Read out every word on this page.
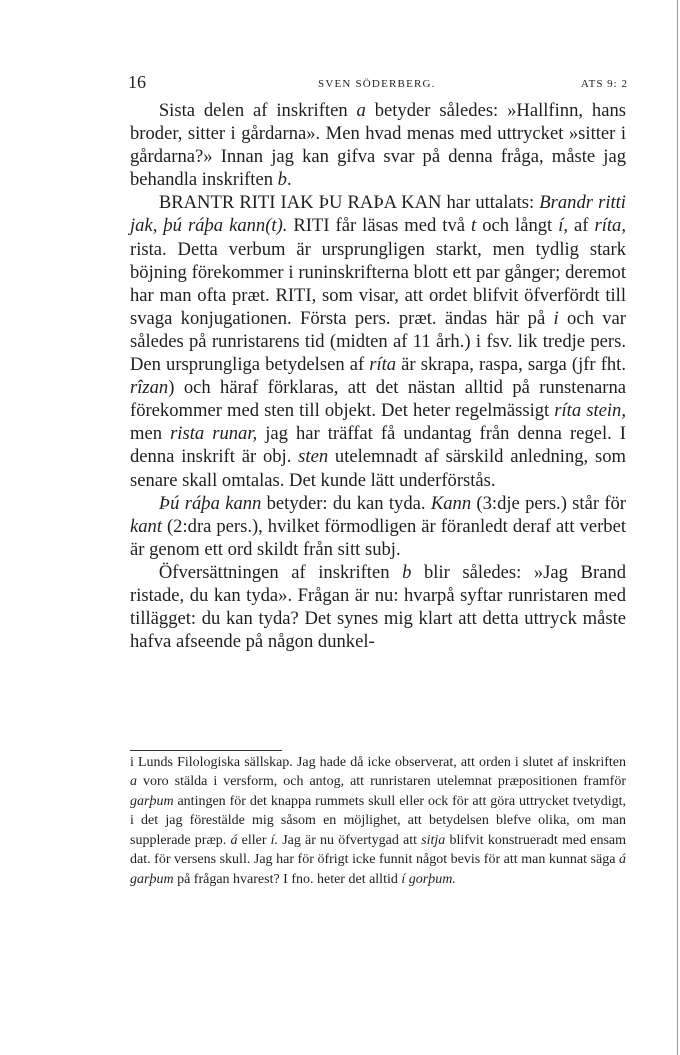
16	SVEN SÖDERBERG.	ATS 9: 2

Sista delen af inskriften a betyder således: »Hallfinn, hans broder, sitter i gårdarna». Men hvad menas med uttrycket »sitter i gårdarna?» Innan jag kan gifva svar på denna fråga, måste jag behandla inskriften b.

BRANTR RITI IAK ÞU RAÞA KAN har uttalats: Brandr ritti jak, þú ráþa kann(t). RITI får läsas med två t och långt í, af ríta, rista. Detta verbum är ursprungligen starkt, men tydlig stark böjning förekommer i runinskrifterna blott ett par gånger; deremot har man ofta præt. RITI, som visar, att ordet blifvit öfverfördt till svaga konjugationen. Första pers. præt. ändas här på i och var således på runristarens tid (midten af 11 årh.) i fsv. lik tredje pers. Den ursprungliga betydelsen af ríta är skrapa, raspa, sarga (jfr fht. rîzan) och häraf förklaras, att det nästan alltid på runstenarna förekommer med sten till objekt. Det heter regelmässigt ríta stein, men rista runar, jag har träffat få undantag från denna regel. I denna inskrift är obj. sten utelemnadt af särskild anledning, som senare skall omtalas. Det kunde lätt underförstås.

Þú ráþa kann betyder: du kan tyda. Kann (3:dje pers.) står för kant (2:dra pers.), hvilket förmodligen är föranledt deraf att verbet är genom ett ord skildt från sitt subj.

Öfversättningen af inskriften b blir således: »Jag Brand ristade, du kan tyda». Frågan är nu: hvarpå syftar runristaren med tillägget: du kan tyda? Det synes mig klart att detta uttryck måste hafva afseende på någon dunkel-

i Lunds Filologiska sällskap. Jag hade då icke observerat, att orden i slutet af inskriften a voro stälda i versform, och antog, att runristaren utelemnat præpositionen framför garþum antingen för det knappa rummets skull eller ock för att göra uttrycket tvetydigt, i det jag förestälde mig såsom en möjlighet, att betydelsen blefve olika, om man supplerade præp. á eller í. Jag är nu öfvertygad att sitja blifvit konstrueradt med ensam dat. för versens skull. Jag har för öfrigt icke funnit något bevis för att man kunnat säga á garþum på frågan hvarest? I fno. heter det alltid í gorþum.
